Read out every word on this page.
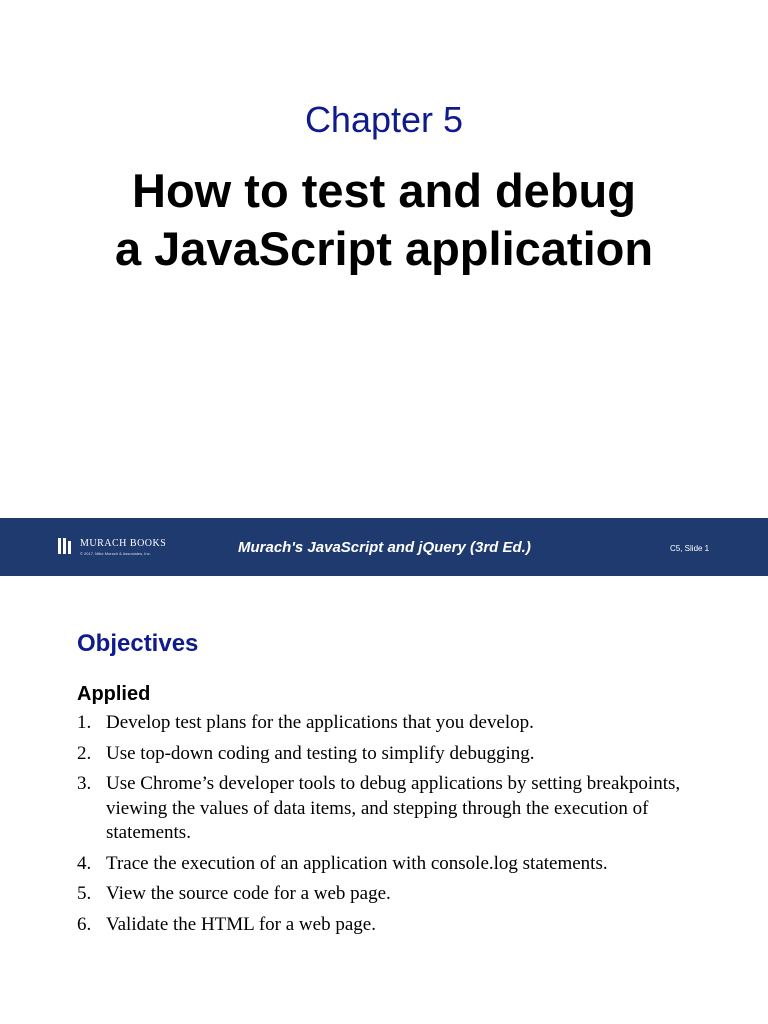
Chapter 5
How to test and debug
a JavaScript application
MURACH BOOKS
© 2017, Mike Murach & Associates, Inc.	Murach's JavaScript and jQuery (3rd Ed.)	C5, Slide 1
Objectives
Applied
1. Develop test plans for the applications that you develop.
2. Use top-down coding and testing to simplify debugging.
3. Use Chrome’s developer tools to debug applications by setting breakpoints, viewing the values of data items, and stepping through the execution of statements.
4. Trace the execution of an application with console.log statements.
5. View the source code for a web page.
6. Validate the HTML for a web page.
